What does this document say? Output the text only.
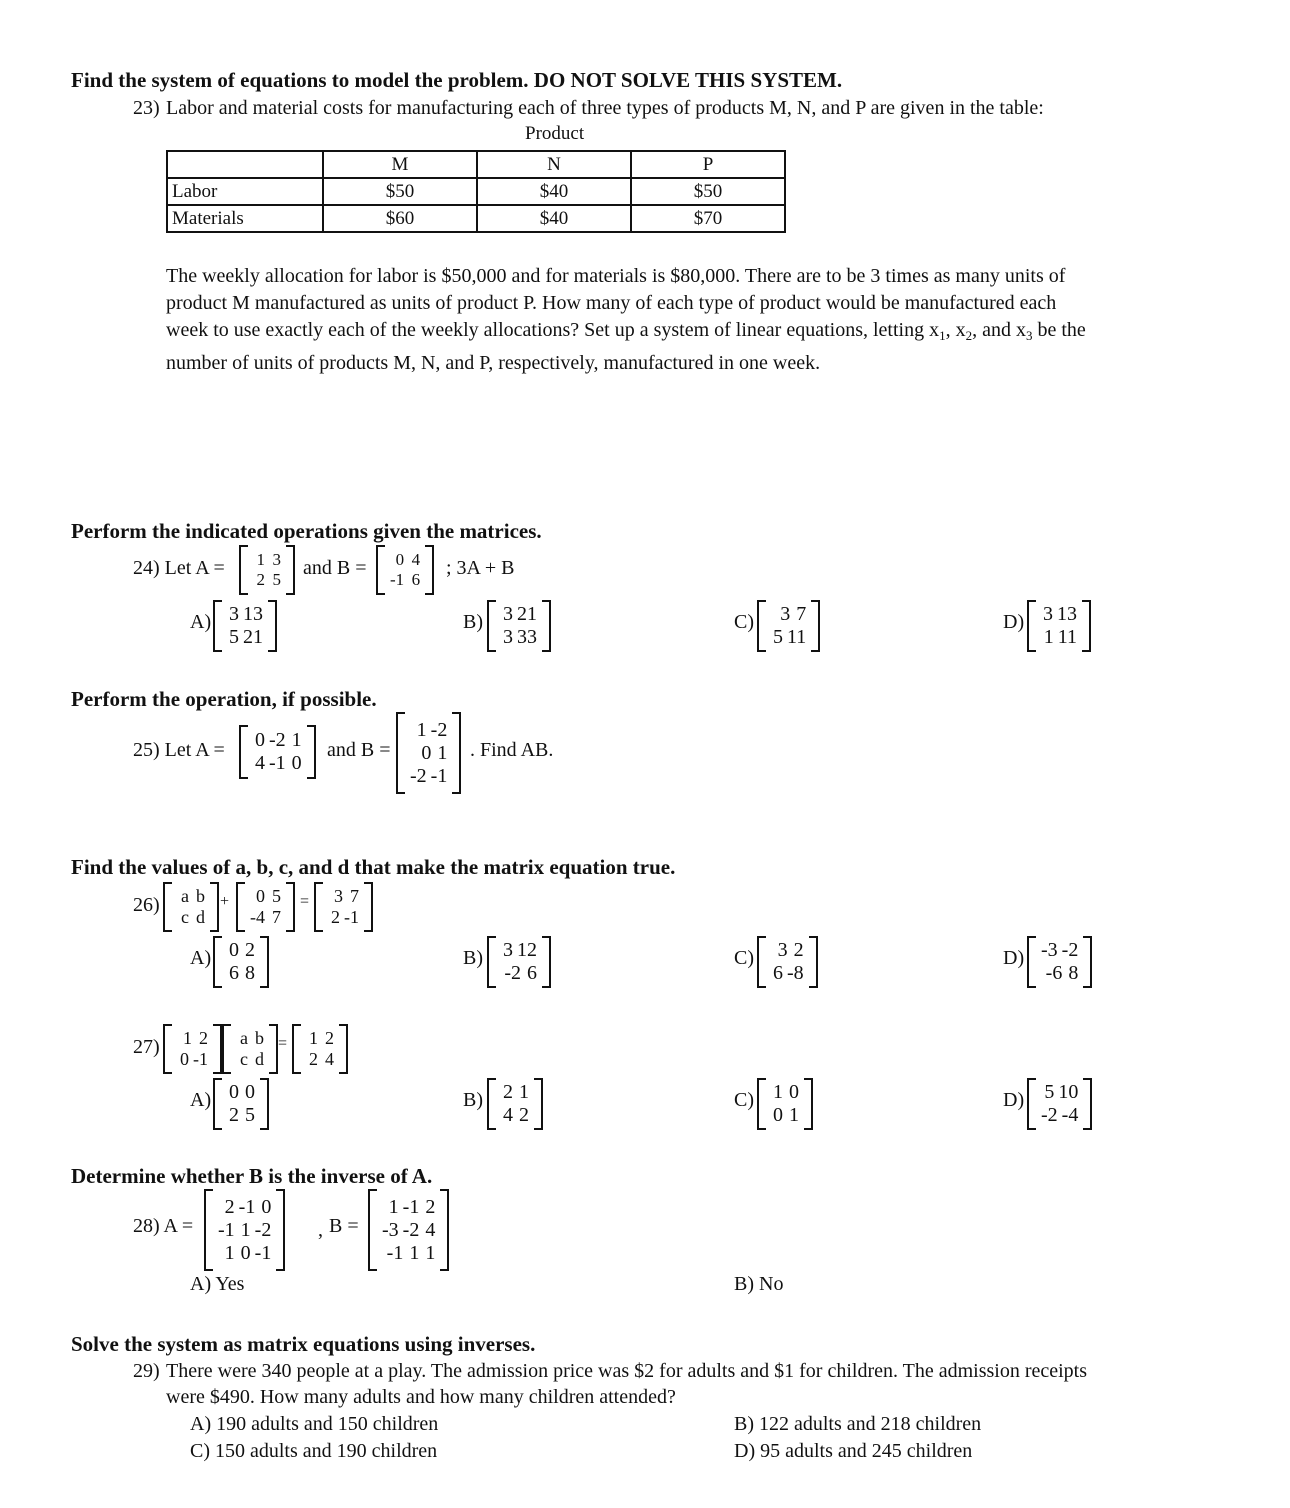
Find the system of equations to model the problem. DO NOT SOLVE THIS SYSTEM.
23) Labor and material costs for manufacturing each of three types of products M, N, and P are given in the table:
Product
	M	N	P
Labor	$50	$40	$50
Materials	$60	$40	$70
The weekly allocation for labor is $50,000 and for materials is $80,000. There are to be 3 times as many units of
product M manufactured as units of product P. How many of each type of product would be manufactured each
week to use exactly each of the weekly allocations? Set up a system of linear equations, letting $x_1$, $x_2$, and $x_3$ be the
number of units of products M, N, and P, respectively, manufactured in one week.
Perform the indicated operations given the matrices.
24) Let A =	1 3
2 5
and B =	0 4
-1 6
; 3A + B
A) 3 13
5 21
B) 3 21
3 33
C) 3 7
5 11
D) 3 13
1 11
Perform the operation, if possible.
25) Let A = 0 -2 1
4 -1 0
and B =
1 -2
0 1
-2 -1
. Find AB.
Find the values of a, b, c, and d that make the matrix equation true.
26)	a b
c d
+ 0 5
-4 7
= 3 7
2 -1
A) 0 2
6 8
B) 3 12
-2 6
C) 3 2
6 -8
D) -3 -2
-6 8
27) 1 2
0 -1
a b
c d
= 1 2
2 4
A) 0 0
2 5
B) 2 1
4 2
C) 1 0
0 1
D) 5 10
-2 -4
Determine whether B is the inverse of A.
28) A =
2 -1 0
-1 1 -2
1 0 -1
, B =
1 -1 2
-3 -2 4
-1 1 1
A) Yes	B) No
Solve the system as matrix equations using inverses.
29) There were 340 people at a play. The admission price was $2 for adults and $1 for children. The admission receipts
were $490. How many adults and how many children attended?
A) 190 adults and 150 children	B) 122 adults and 218 children
C) 150 adults and 190 children	D) 95 adults and 245 children
